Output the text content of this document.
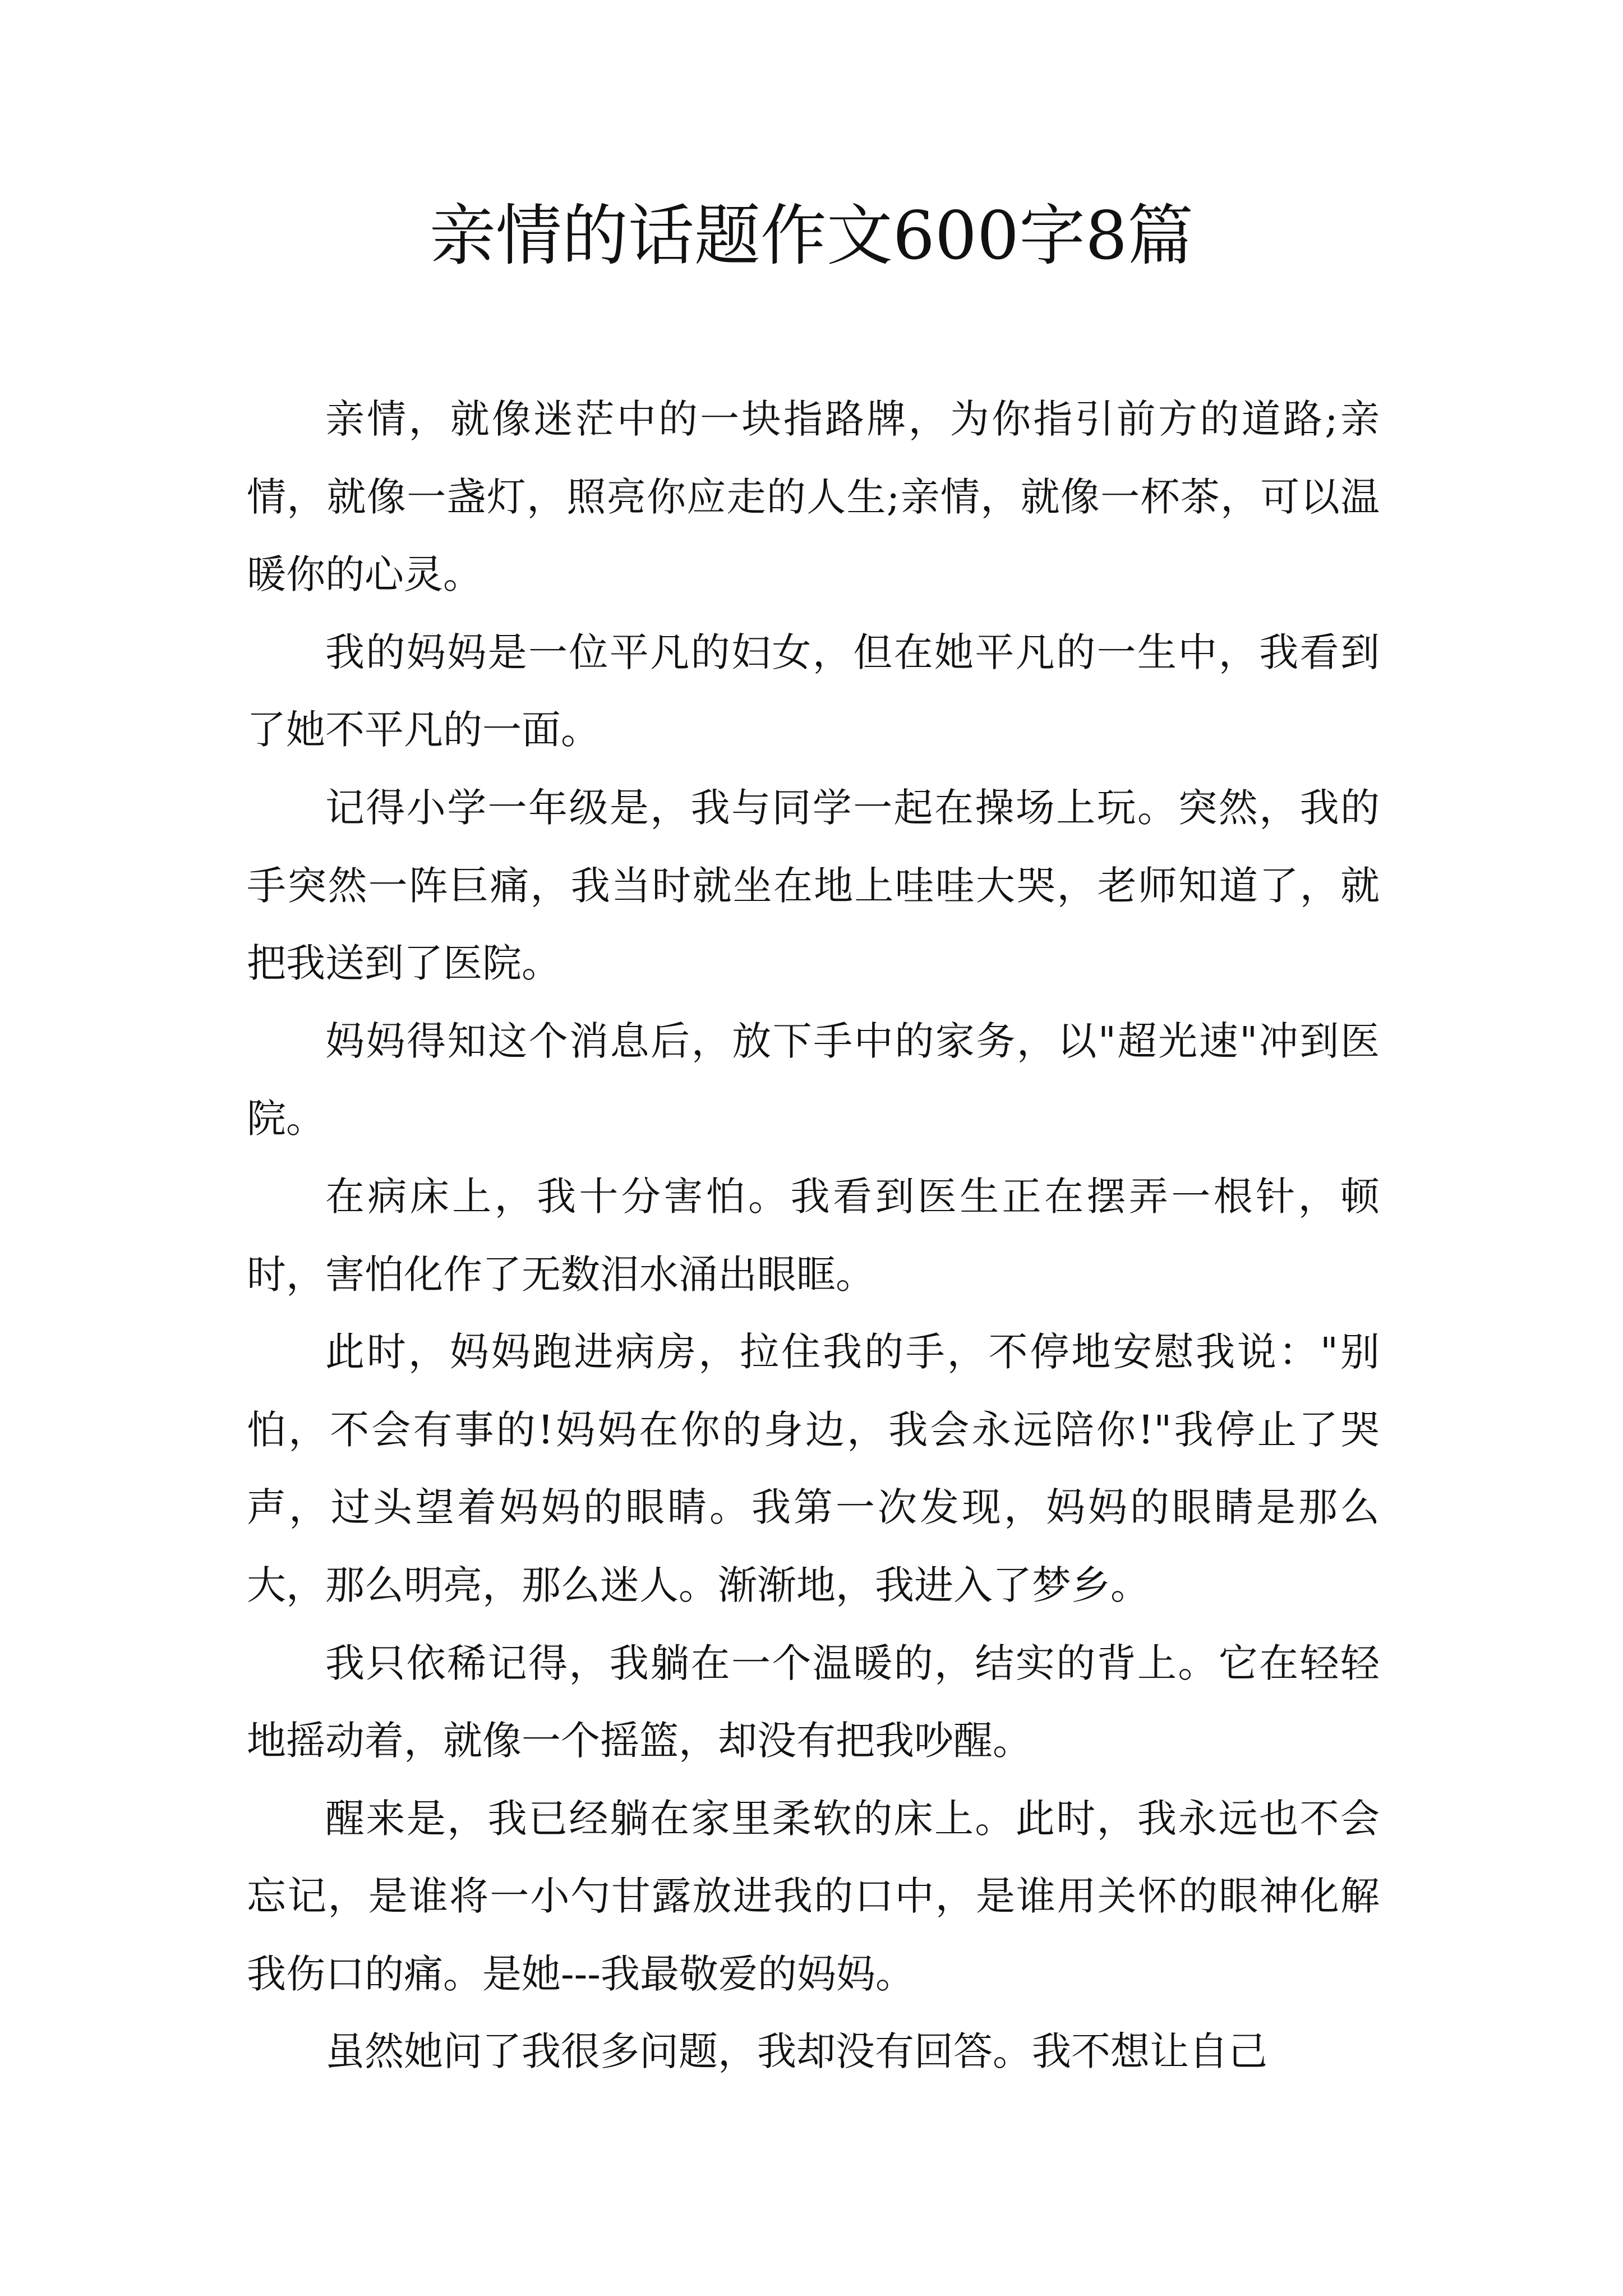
亲情的话题作文600字8篇

亲情，就像迷茫中的一块指路牌，为你指引前方的道路;亲情，就像一盏灯，照亮你应走的人生;亲情，就像一杯茶，可以温暖你的心灵。

我的妈妈是一位平凡的妇女，但在她平凡的一生中，我看到了她不平凡的一面。

记得小学一年级是，我与同学一起在操场上玩。突然，我的手突然一阵巨痛，我当时就坐在地上哇哇大哭，老师知道了，就把我送到了医院。

妈妈得知这个消息后，放下手中的家务，以"超光速"冲到医院。

在病床上，我十分害怕。我看到医生正在摆弄一根针，顿时，害怕化作了无数泪水涌出眼眶。

此时，妈妈跑进病房，拉住我的手，不停地安慰我说："别怕，不会有事的!妈妈在你的身边，我会永远陪你!"我停止了哭声，过头望着妈妈的眼睛。我第一次发现，妈妈的眼睛是那么大，那么明亮，那么迷人。渐渐地，我进入了梦乡。

我只依稀记得，我躺在一个温暖的，结实的背上。它在轻轻地摇动着，就像一个摇篮，却没有把我吵醒。

醒来是，我已经躺在家里柔软的床上。此时，我永远也不会忘记，是谁将一小勺甘露放进我的口中，是谁用关怀的眼神化解我伤口的痛。是她---我最敬爱的妈妈。

虽然她问了我很多问题，我却没有回答。我不想让自己
